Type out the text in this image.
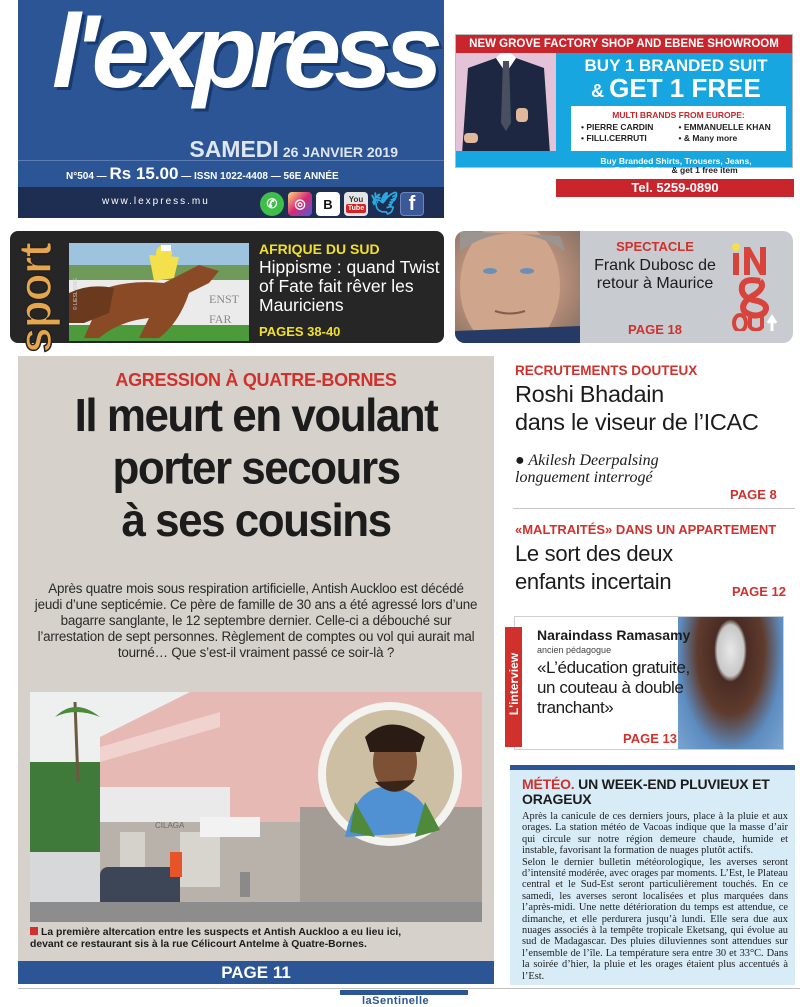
l'express
SAMEDI 26 JANVIER 2019
N°504 — Rs 15.00 — ISSN 1022-4408 — 56E ANNÉE
www.lexpress.mu	✆	◎	B	You
Tube 🕊 f
NEW GROVE FACTORY SHOP AND EBENE SHOWROOM
BUY 1 BRANDED SUIT
& GET 1 FREE
MULTI BRANDS FROM EUROPE:
• PIERRE CARDIN	• EMMANUELLE KHAN
• FILLI.CERRUTI	• & Many more
Buy Branded Shirts, Trousers, Jeans,
Polo, T-Shirts & get 1 free item
Tel. 5259-0890
sport	ENST
FAR
© LIESL KING
AFRIQUE DU SUD
Hippisme : quand Twist of Fate fait rêver les Mauriciens
PAGES 38-40
SPECTACLE
Frank Dubosc de retour à Maurice
PAGE 18
AGRESSION À QUATRE-BORNES
Il meurt en voulant
porter secours
à ses cousins
Après quatre mois sous respiration artificielle, Antish Auckloo est décédé jeudi d’une septicémie. Ce père de famille de 30 ans a été agressé lors d’une bagarre sanglante, le 12 septembre dernier. Celle-ci a débouché sur l’arrestation de sept personnes. Règlement de comptes ou vol qui aurait mal tourné… Que s’est-il vraiment passé ce soir-là ?
CILAGA
La première altercation entre les suspects et Antish Auckloo a eu lieu ici,
devant ce restaurant sis à la rue Célicourt Antelme à Quatre-Bornes.
PAGE 11
RECRUTEMENTS DOUTEUX
Roshi Bhadain
dans le viseur de l’ICAC
● Akilesh Deerpalsing
longuement interrogé
PAGE 8
«MALTRAITÉS» DANS UN APPARTEMENT
Le sort des deux
enfants incertain	PAGE 12
Naraindass Ramasamy
ancien pédagogue
«L’éducation gratuite,
un couteau à double
tranchant»
PAGE 13
L'interview
MÉTÉO. UN WEEK-END PLUVIEUX ET ORAGEUX

Après la canicule de ces derniers jours, place à la pluie et aux orages. La station météo de Vacoas indique que la masse d’air qui circule sur notre région demeure chaude, humide et instable, favorisant la formation de nuages plutôt actifs.

Selon le dernier bulletin météorologique, les averses seront d’intensité modérée, avec orages par moments. L’Est, le Plateau central et le Sud-Est seront particulièrement touchés. En ce samedi, les averses seront localisées et plus marquées dans l’après-midi. Une nette détérioration du temps est attendue, ce dimanche, et elle perdurera jusqu’à lundi. Elle sera due aux nuages associés à la tempête tropicale Eketsang, qui évolue au sud de Madagascar. Des pluies diluviennes sont attendues sur l’ensemble de l’île. La température sera entre 30 et 33°C. Dans la soirée d’hier, la pluie et les orages étaient plus accentués à l’Est.

laSentinelle
